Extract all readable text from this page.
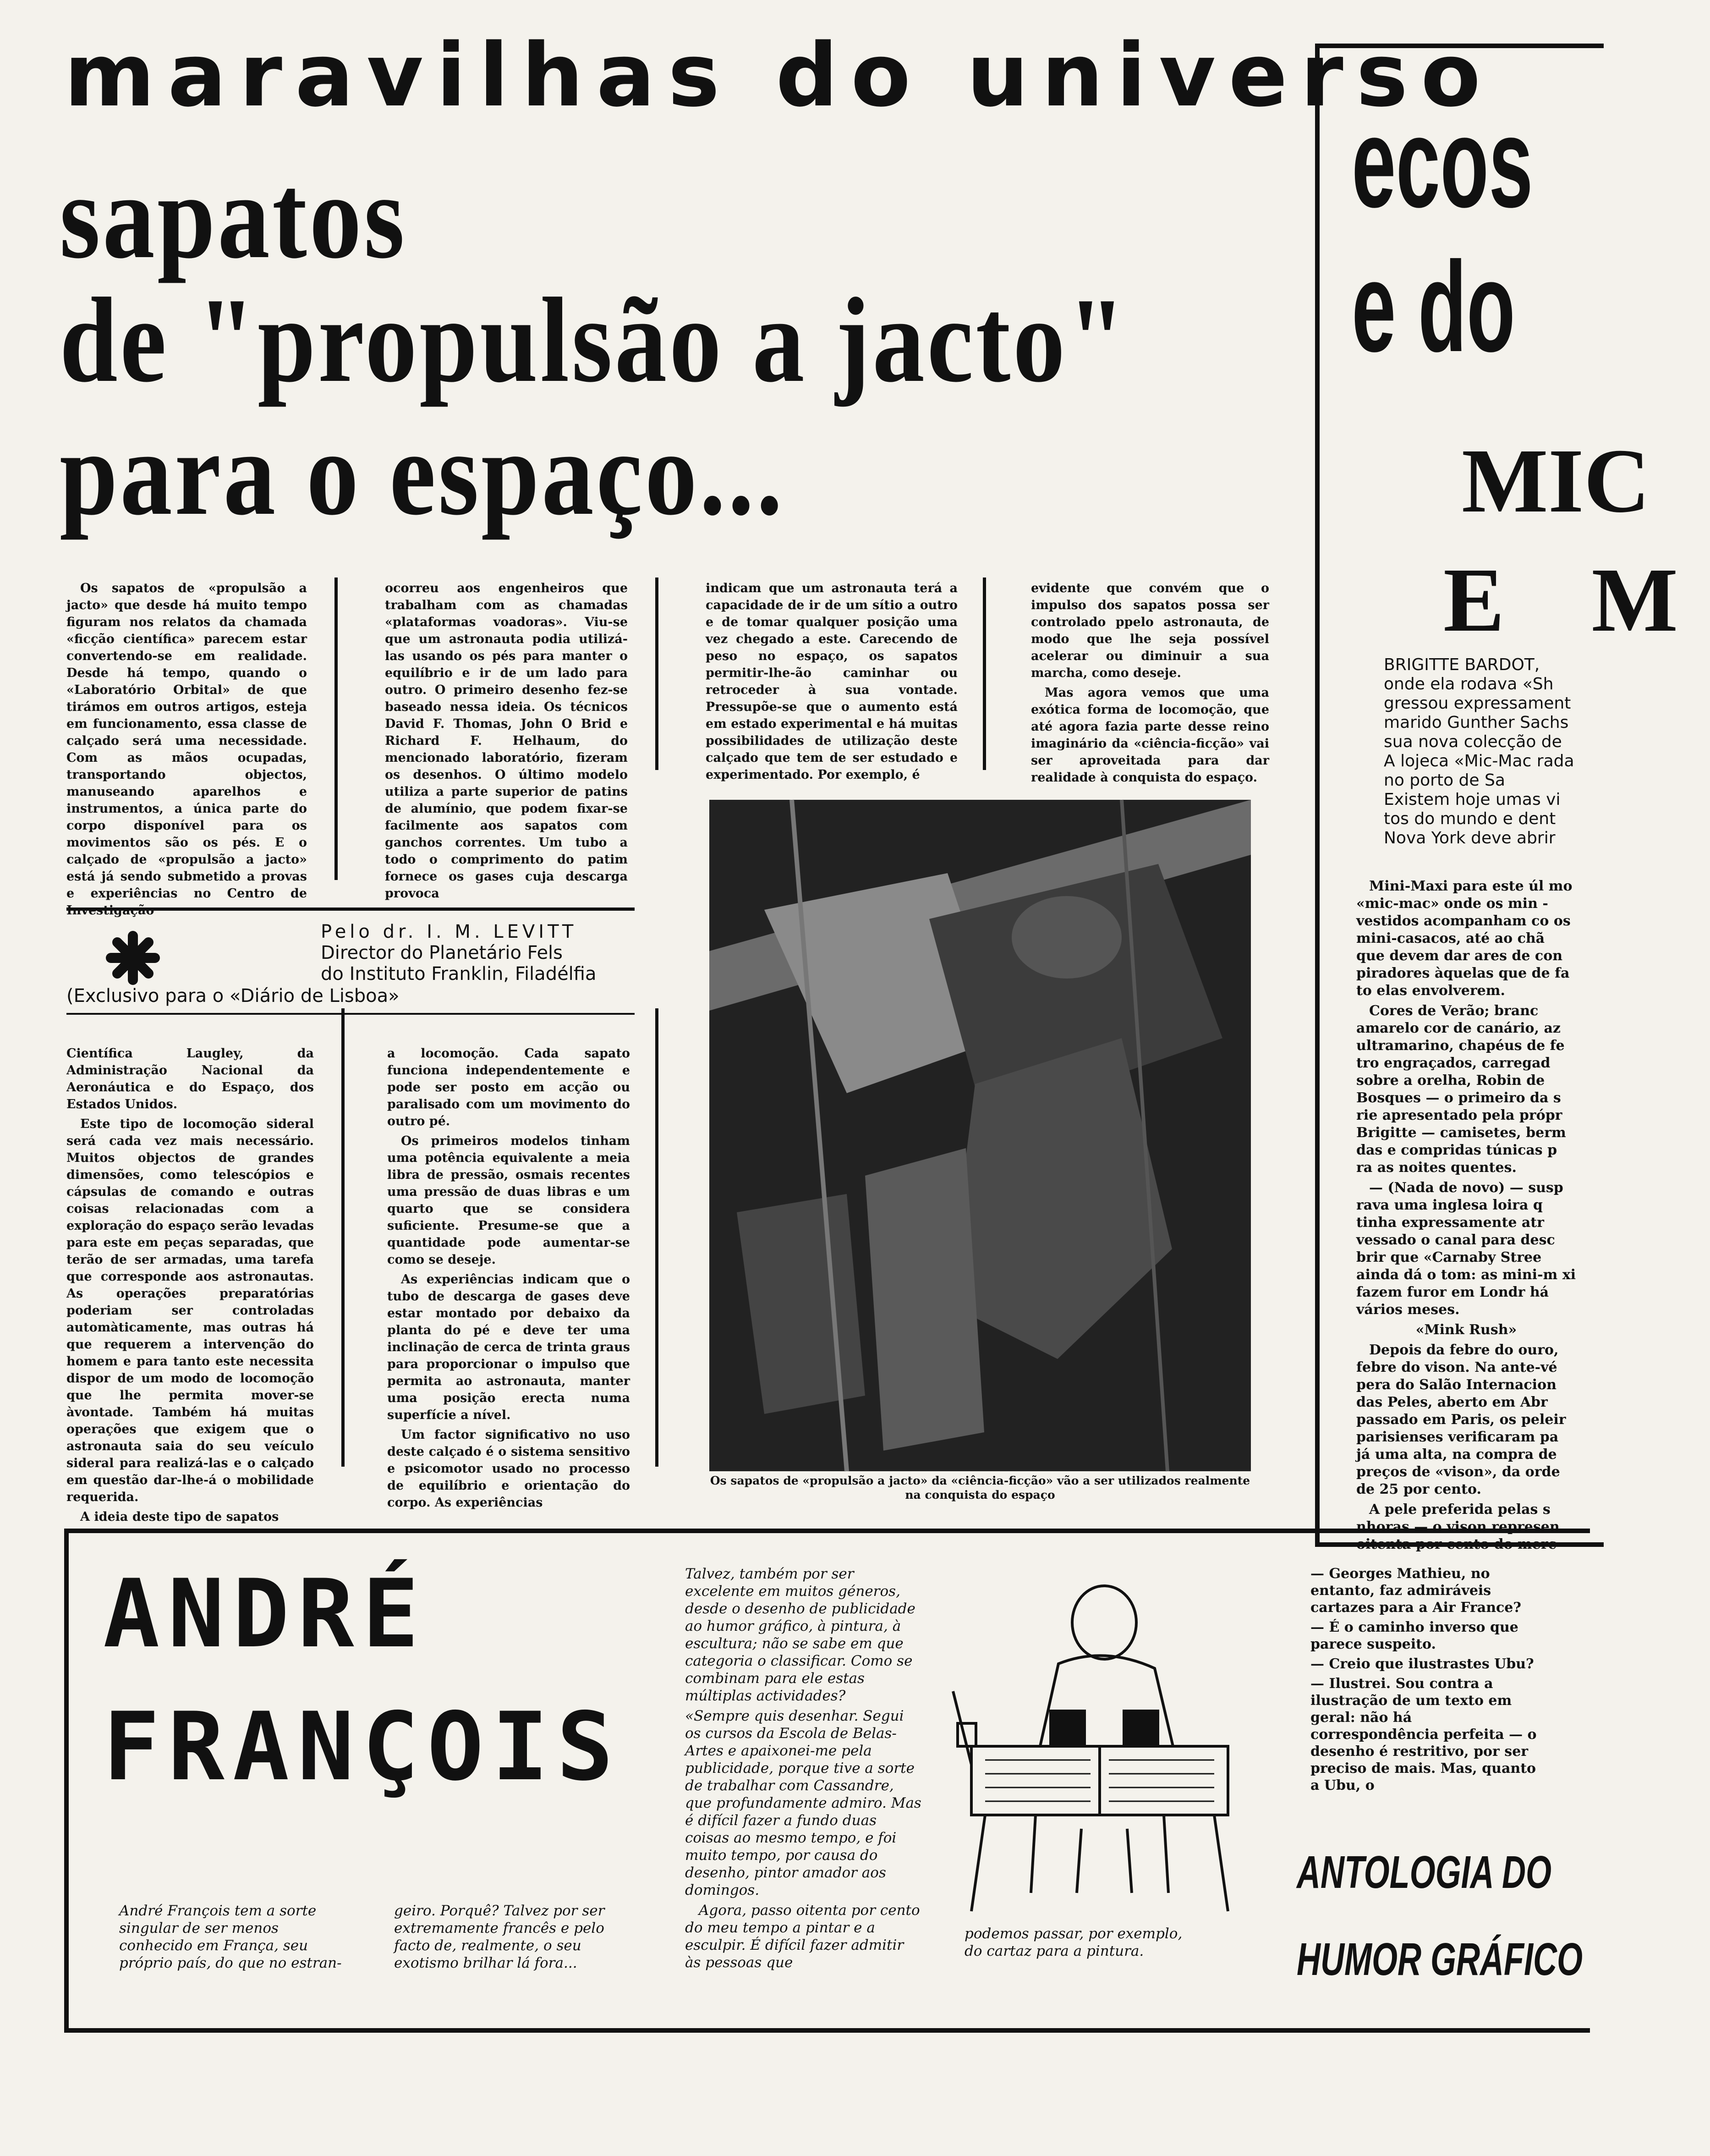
maravilhas do universo
sapatos
de "propulsão a jacto"
para o espaço...

Os sapatos de «propulsão a jacto» que desde há muito tempo figuram nos relatos da chamada «ficção científica» parecem estar convertendo-se em realidade. Desde há tempo, quando o «Laboratório Orbital» de que tirámos em outros artigos, esteja em funcionamento, essa classe de calçado será uma necessidade. Com as mãos ocupadas, transportando objectos, manuseando aparelhos e instrumentos, a única parte do corpo disponível para os movimentos são os pés. E o calçado de «propulsão a jacto» está já sendo submetido a provas e experiências no Centro de

ocorreu aos engenheiros que trabalham com as chamadas «plataformas voadoras». Viu-se que um astronauta podia utilizá-las usando os pés para manter o equilíbrio e ir de um lado para outro. O primeiro desenho fez-se baseado nessa ideia. Os técnicos David F. Thomas, John O Brid e Richard F. Helhaum, do mencionado laboratório, fizeram os desenhos. O último modelo utiliza a parte superior de patins de alumínio, que podem fixar-se facilmente aos sapatos com ganchos correntes. Um tubo a todo o comprimento do patim fornece os gases cuja descarga provoca

indicam que um astronauta terá a capacidade de ir de um sítio a outro e de tomar qualquer posição uma vez chegado a este. Carecendo de peso no espaço, os sapatos permitir-lhe-ão caminhar ou retroceder à sua vontade. Pressupõe-se que o aumento está em estado experimental e há muitas possibilidades de utilização deste calçado que tem de ser estudado e experimentado. Por exemplo, é

evidente que convém que o impulso dos sapatos possa ser controlado ppelo astronauta, de modo que lhe seja possível acelerar ou diminuir a sua marcha, como deseje.

Mas agora vemos que uma exótica forma de locomoção, que até agora fazia parte desse reino imaginário da «ciência-ficção» vai ser aproveitada para dar realidade à conquista do espaço.

Pelo dr. I. M. LEVITT
Director do Planetário Fels
do Instituto Franklin, Filadélfia
(Exclusivo para o «Diário de Lisboa»

Científica Laugley, da Administração Nacional da Aeronáutica e do Espaço, dos Estados Unidos.

Este tipo de locomoção sideral será cada vez mais necessário. Muitos objectos de grandes dimensões, como telescópios e cápsulas de comando e outras coisas relacionadas com a exploração do espaço serão levadas para este em peças separadas, que terão de ser armadas, uma tarefa que corresponde aos astronautas. As operações preparatórias poderiam ser controladas automàticamente, mas outras há que requerem a intervenção do homem e para tanto este necessita dispor de um modo de locomoção que lhe permita mover-se àvontade. Também há muitas operações que exigem que o astronauta saia do seu veículo sideral para realizá-las e o calçado em questão dar-lhe-á o mobilidade requerida.

A ideia deste tipo de sapatos

a locomoção. Cada sapato funciona independentemente e pode ser posto em acção ou paralisado com um movimento do outro pé.

Os primeiros modelos tinham uma potência equivalente a meia libra de pressão, osmais recentes uma pressão de duas libras e um quarto que se considera suficiente. Presume-se que a quantidade pode aumentar-se como se deseje.

As experiências indicam que o tubo de descarga de gases deve estar montado por debaixo da planta do pé e deve ter uma inclinação de cerca de trinta graus para proporcionar o impulso que permita ao astronauta, manter uma posição erecta numa superfície a nível.

Um factor significativo no uso deste calçado é o sistema sensitivo e psicomotor usado no processo de equilíbrio e orientação do corpo. As experiências

Os sapatos de «propulsão a jacto» da «ciência-ficção» vão a ser utilizados realmente na conquista do espaço
ecos
e do
MIC
E M
BRIGITTE BARDOT, onde ela rodava «Sh gressou expressament marido Gunther Sachs sua nova colecção de A lojeca «Mic-Mac rada no porto de Sa Existem hoje umas vi tos do mundo e dent Nova York deve abrir

Mini-Maxi para este úl mo «mic-mac» onde os min -vestidos acompanham co os mini-casacos, até ao chã que devem dar ares de con piradores àquelas que de fa to elas envolverem.

Cores de Verão; branc amarelo cor de canário, az ultramarino, chapéus de fe tro engraçados, carregad sobre a orelha, Robin de Bosques — o primeiro da s rie apresentado pela própr Brigitte — camisetes, berm das e compridas túnicas p ra as noites quentes.

— (Nada de novo) — susp rava uma inglesa loira q tinha expressamente atr vessado o canal para desc brir que «Carnaby Stree ainda dá o tom: as mini-m xi fazem furor em Londr há vários meses.

«Mink Rush»

Depois da febre do ouro, febre do vison. Na ante-vé pera do Salão Internacion das Peles, aberto em Abr passado em Paris, os peleir parisienses verificaram pa já uma alta, na compra de preços de «vison», da orde de 25 por cento.

A pele preferida pelas s nhoras — o vison represen oitenta por cento do merc

ANDRÉ
FRANÇOIS
André François tem a sorte singular de ser menos conhecido em França, seu próprio país, do que no estran-
geiro. Porquê? Talvez por ser extremamente francês e pelo facto de, realmente, o seu exotismo brilhar lá fora...

Talvez, também por ser excelente em muitos géneros, desde o desenho de publicidade ao humor gráfico, à pintura, à escultura; não se sabe em que categoria o classificar. Como se combinam para ele estas múltiplas actividades?

«Sempre quis desenhar. Segui os cursos da Escola de Belas-Artes e apaixonei-me pela publicidade, porque tive a sorte de trabalhar com Cassandre, que profundamente admiro. Mas é difícil fazer a fundo duas coisas ao mesmo tempo, e foi muito tempo, por causa do desenho, pintor amador aos domingos.

Agora, passo oitenta por cento do meu tempo a pintar e a esculpir. É difícil fazer admitir às pessoas que

podemos passar, por exemplo, do cartaz para a pintura.

— Georges Mathieu, no entanto, faz admiráveis cartazes para a Air France?

— É o caminho inverso que parece suspeito.

— Creio que ilustrastes Ubu?

— Ilustrei. Sou contra a ilustração de um texto em geral: não há correspondência perfeita — o desenho é restritivo, por ser preciso de mais. Mas, quanto a Ubu, o

ANTOLOGIA DO
HUMOR GRÁFICO
